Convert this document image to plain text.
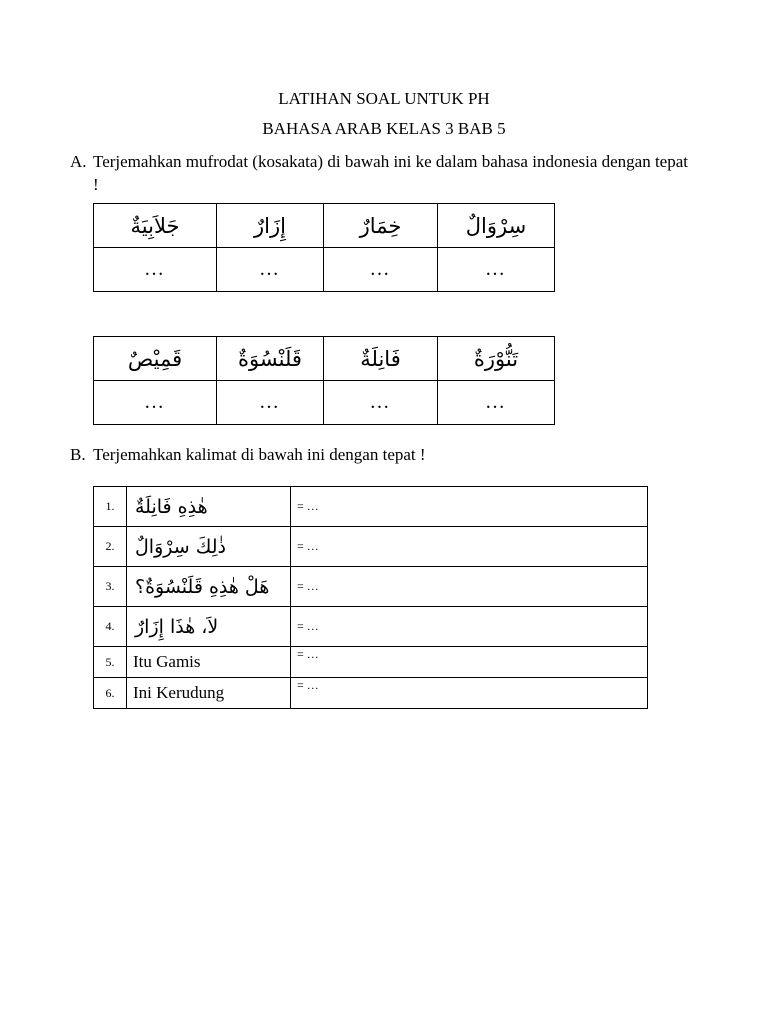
LATIHAN SOAL UNTUK PH
BAHASA ARAB KELAS 3 BAB 5
A. Terjemahkan mufrodat (kosakata) di bawah ini ke dalam bahasa indonesia dengan tepat !
جَلاَبِيَةٌ	إِزَارٌ	خِمَارٌ	سِرْوَالٌ
…	…	…	…
قَمِيْصٌ	قَلَنْسُوَةٌ	فَانِلَةٌ	تَنُّوْرَةٌ
…	…	…	…
B. Terjemahkan kalimat di bawah ini dengan tepat !
1.	هٰذِهِ فَانِلَةٌ	= …
2.	ذٰلِكَ سِرْوَالٌ	= …
3.	هَلْ هٰذِهِ قَلَنْسُوَةٌ؟	= …
4.	لاَ، هٰذَا إِزَارٌ	= …
5.	Itu Gamis	= …
6.	Ini Kerudung	= …
